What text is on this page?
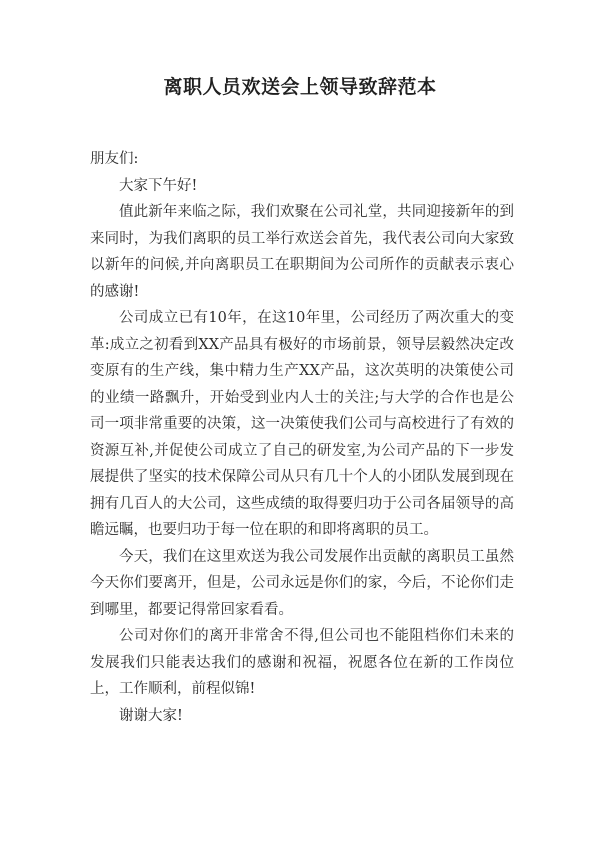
离职人员欢送会上领导致辞范本

朋友们:

大家下午好!

值此新年来临之际，我们欢聚在公司礼堂，共同迎接新年的到来同时，为我们离职的员工举行欢送会首先，我代表公司向大家致以新年的问候,并向离职员工在职期间为公司所作的贡献表示衷心的感谢!

公司成立已有10年，在这10年里，公司经历了两次重大的变革:成立之初看到XX产品具有极好的市场前景，领导层毅然决定改变原有的生产线，集中精力生产XX产品，这次英明的决策使公司的业绩一路飘升，开始受到业内人士的关注;与大学的合作也是公司一项非常重要的决策，这一决策使我们公司与高校进行了有效的资源互补,并促使公司成立了自己的研发室,为公司产品的下一步发展提供了坚实的技术保障公司从只有几十个人的小团队发展到现在拥有几百人的大公司，这些成绩的取得要归功于公司各届领导的高瞻远瞩，也要归功于每一位在职的和即将离职的员工。

今天，我们在这里欢送为我公司发展作出贡献的离职员工虽然今天你们要离开，但是，公司永远是你们的家，今后，不论你们走到哪里，都要记得常回家看看。

公司对你们的离开非常舍不得,但公司也不能阻档你们未来的发展我们只能表达我们的感谢和祝福，祝愿各位在新的工作岗位上，工作顺利，前程似锦!

谢谢大家!
